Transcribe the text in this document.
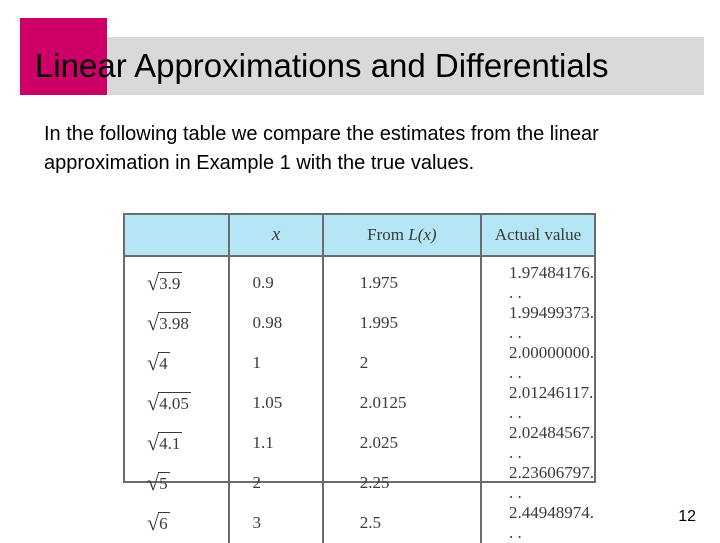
Linear Approximations and Differentials
In the following table we compare the estimates from the linear approximation in Example 1 with the true values.
	x	From L(x)	Actual value

√ 3.9	0.9	1.975	1.97484176. . .

√ 3.98	0.98	1.995	1.99499373. . .

√ 4	1	2	2.00000000. . .

√ 4.05	1.05	2.0125	2.01246117. . .

√ 4.1	1.1	2.025	2.02484567. . .

√ 5	2	2.25	2.23606797. . .

√ 6	3	2.5	2.44948974. . .
12
